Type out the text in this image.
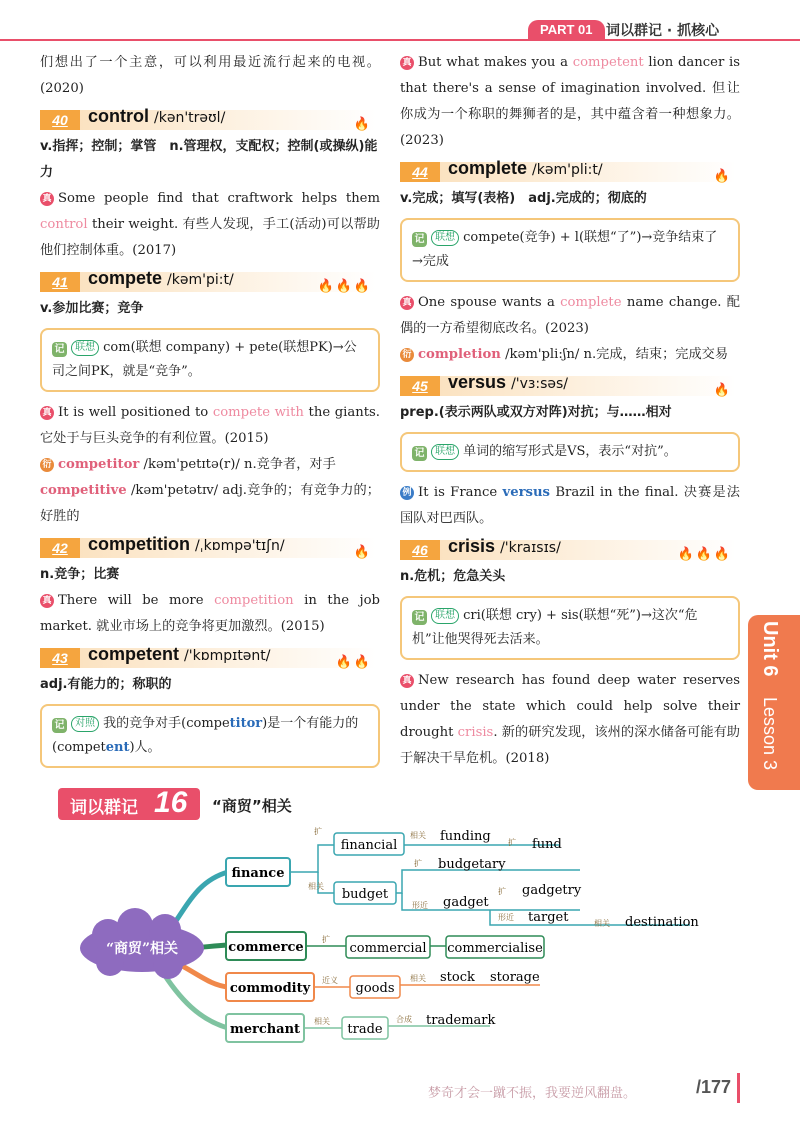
PART 01 词以群记 · 抓核心

们想出了一个主意，可以利用最近流行起来的电视。(2020)

40	control /kən'trəʊl/	🔥

v.指挥；控制；掌管　n.管理权，支配权；控制(或操纵)能力

真 Some people find that craftwork helps them control their weight. 有些人发现，手工(活动)可以帮助他们控制体重。(2017)

41	compete /kəm'pi:t/	🔥🔥🔥

v.参加比赛；竞争

记 联想 com(联想 company) + pete(联想PK)→公司之间PK，就是“竞争”。

真 It is well positioned to compete with the giants. 它处于与巨头竞争的有利位置。(2015)

衍 competitor /kəm'petɪtə(r)/ n.竞争者，对手

competitive /kəm'petətɪv/ adj.竞争的；有竞争力的；好胜的

42	competition /ˌkɒmpə'tɪʃn/	🔥

n.竞争；比赛

真 There will be more competition in the job market. 就业市场上的竞争将更加激烈。(2015)

43	competent /'kɒmpɪtənt/	🔥🔥

adj.有能力的；称职的

记 对照 我的竞争对手(competitor)是一个有能力的(competent)人。

真 But what makes you a competent lion dancer is that there's a sense of imagination involved. 但让你成为一个称职的舞狮者的是，其中蕴含着一种想象力。(2023)

44	complete /kəm'pli:t/	🔥

v.完成；填写(表格)　adj.完成的；彻底的

记 联想 compete(竞争) + l(联想“了”)→竞争结束了→完成

真 One spouse wants a complete name change. 配偶的一方希望彻底改名。(2023)

衍 completion /kəm'pli:ʃn/ n.完成，结束；完成交易

45	versus /'vɜ:səs/	🔥

prep.(表示两队或双方对阵)对抗；与……相对

记 联想 单词的缩写形式是VS，表示“对抗”。

例 It is France versus Brazil in the final. 决赛是法国队对巴西队。

46	crisis /'kraɪsɪs/	🔥🔥🔥

n.危机；危急关头

记 联想 cri(联想 cry) + sis(联想“死”)→这次“危机”让他哭得死去活来。

真 New research has found deep water reserves under the state which could help solve their drought crisis. 新的研究发现，该州的深水储备可能有助于解决干旱危机。(2018)

Unit 6
Lesson 3
词以群记 16 “商贸”相关
“商贸”相关
finance
commerce
commodity
merchant
financial
budget
funding
fund
budgetary
gadget
gadgetry
target	destination
扩	相关
扩
相关
扩
形近
扩
形近
相关
commercial commercialise
扩
goods
stock storage
近义	相关
trade
trademark
相关	合成
梦奇才会一蹴不振，我要逆风翻盘。	/177
